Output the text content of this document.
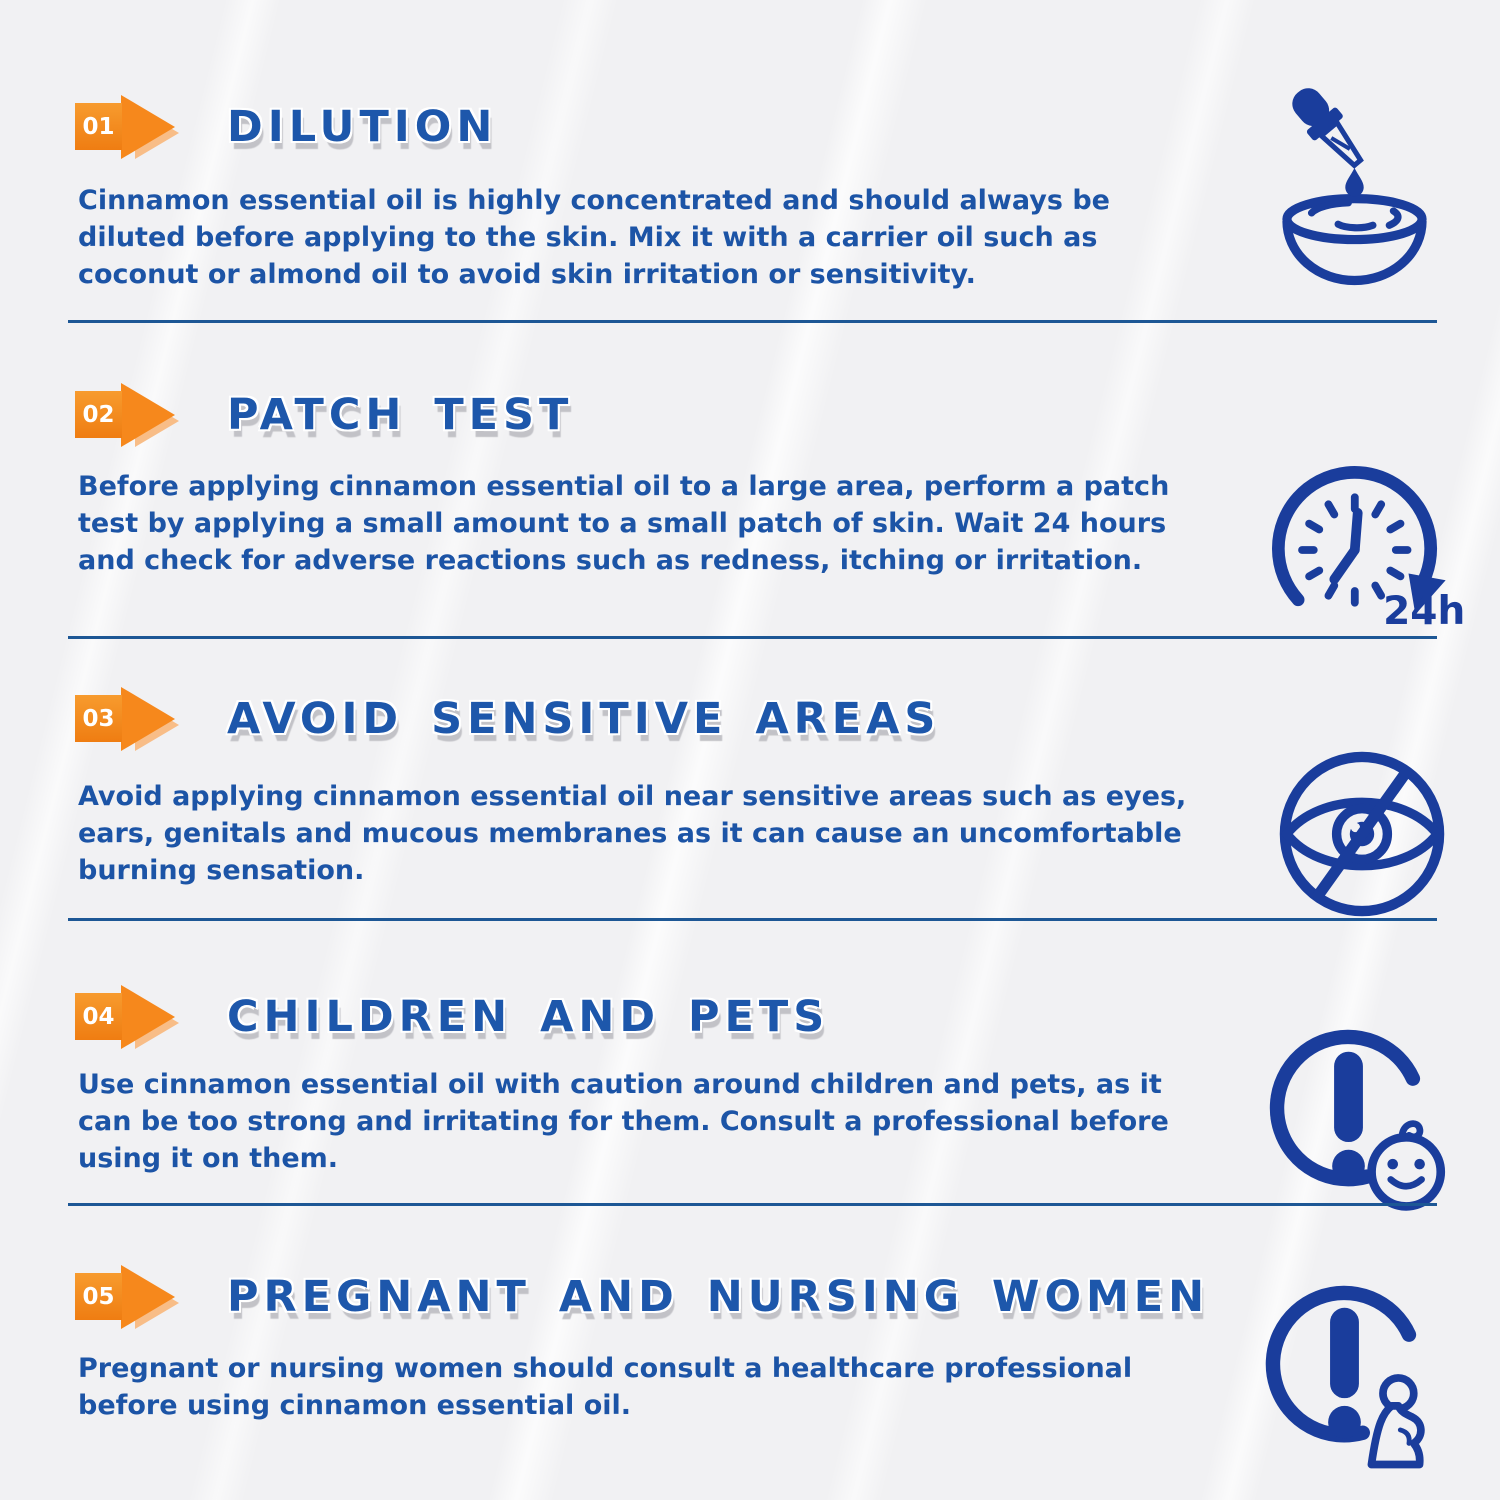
01	DILUTION
Cinnamon essential oil is highly concentrated and should always be diluted before applying to the skin. Mix it with a carrier oil such as coconut or almond oil to avoid skin irritation or sensitivity.
02	PATCH TEST
Before applying cinnamon essential oil to a large area, perform a patch test by applying a small amount to a small patch of skin. Wait 24 hours and check for adverse reactions such as redness, itching or irritation.
24h
03	AVOID SENSITIVE AREAS
Avoid applying cinnamon essential oil near sensitive areas such as eyes, ears, genitals and mucous membranes as it can cause an uncomfortable burning sensation.
04	CHILDREN AND PETS
Use cinnamon essential oil with caution around children and pets, as it can be too strong and irritating for them. Consult a professional before using it on them.
05	PREGNANT AND NURSING WOMEN
Pregnant or nursing women should consult a healthcare professional before using cinnamon essential oil.
